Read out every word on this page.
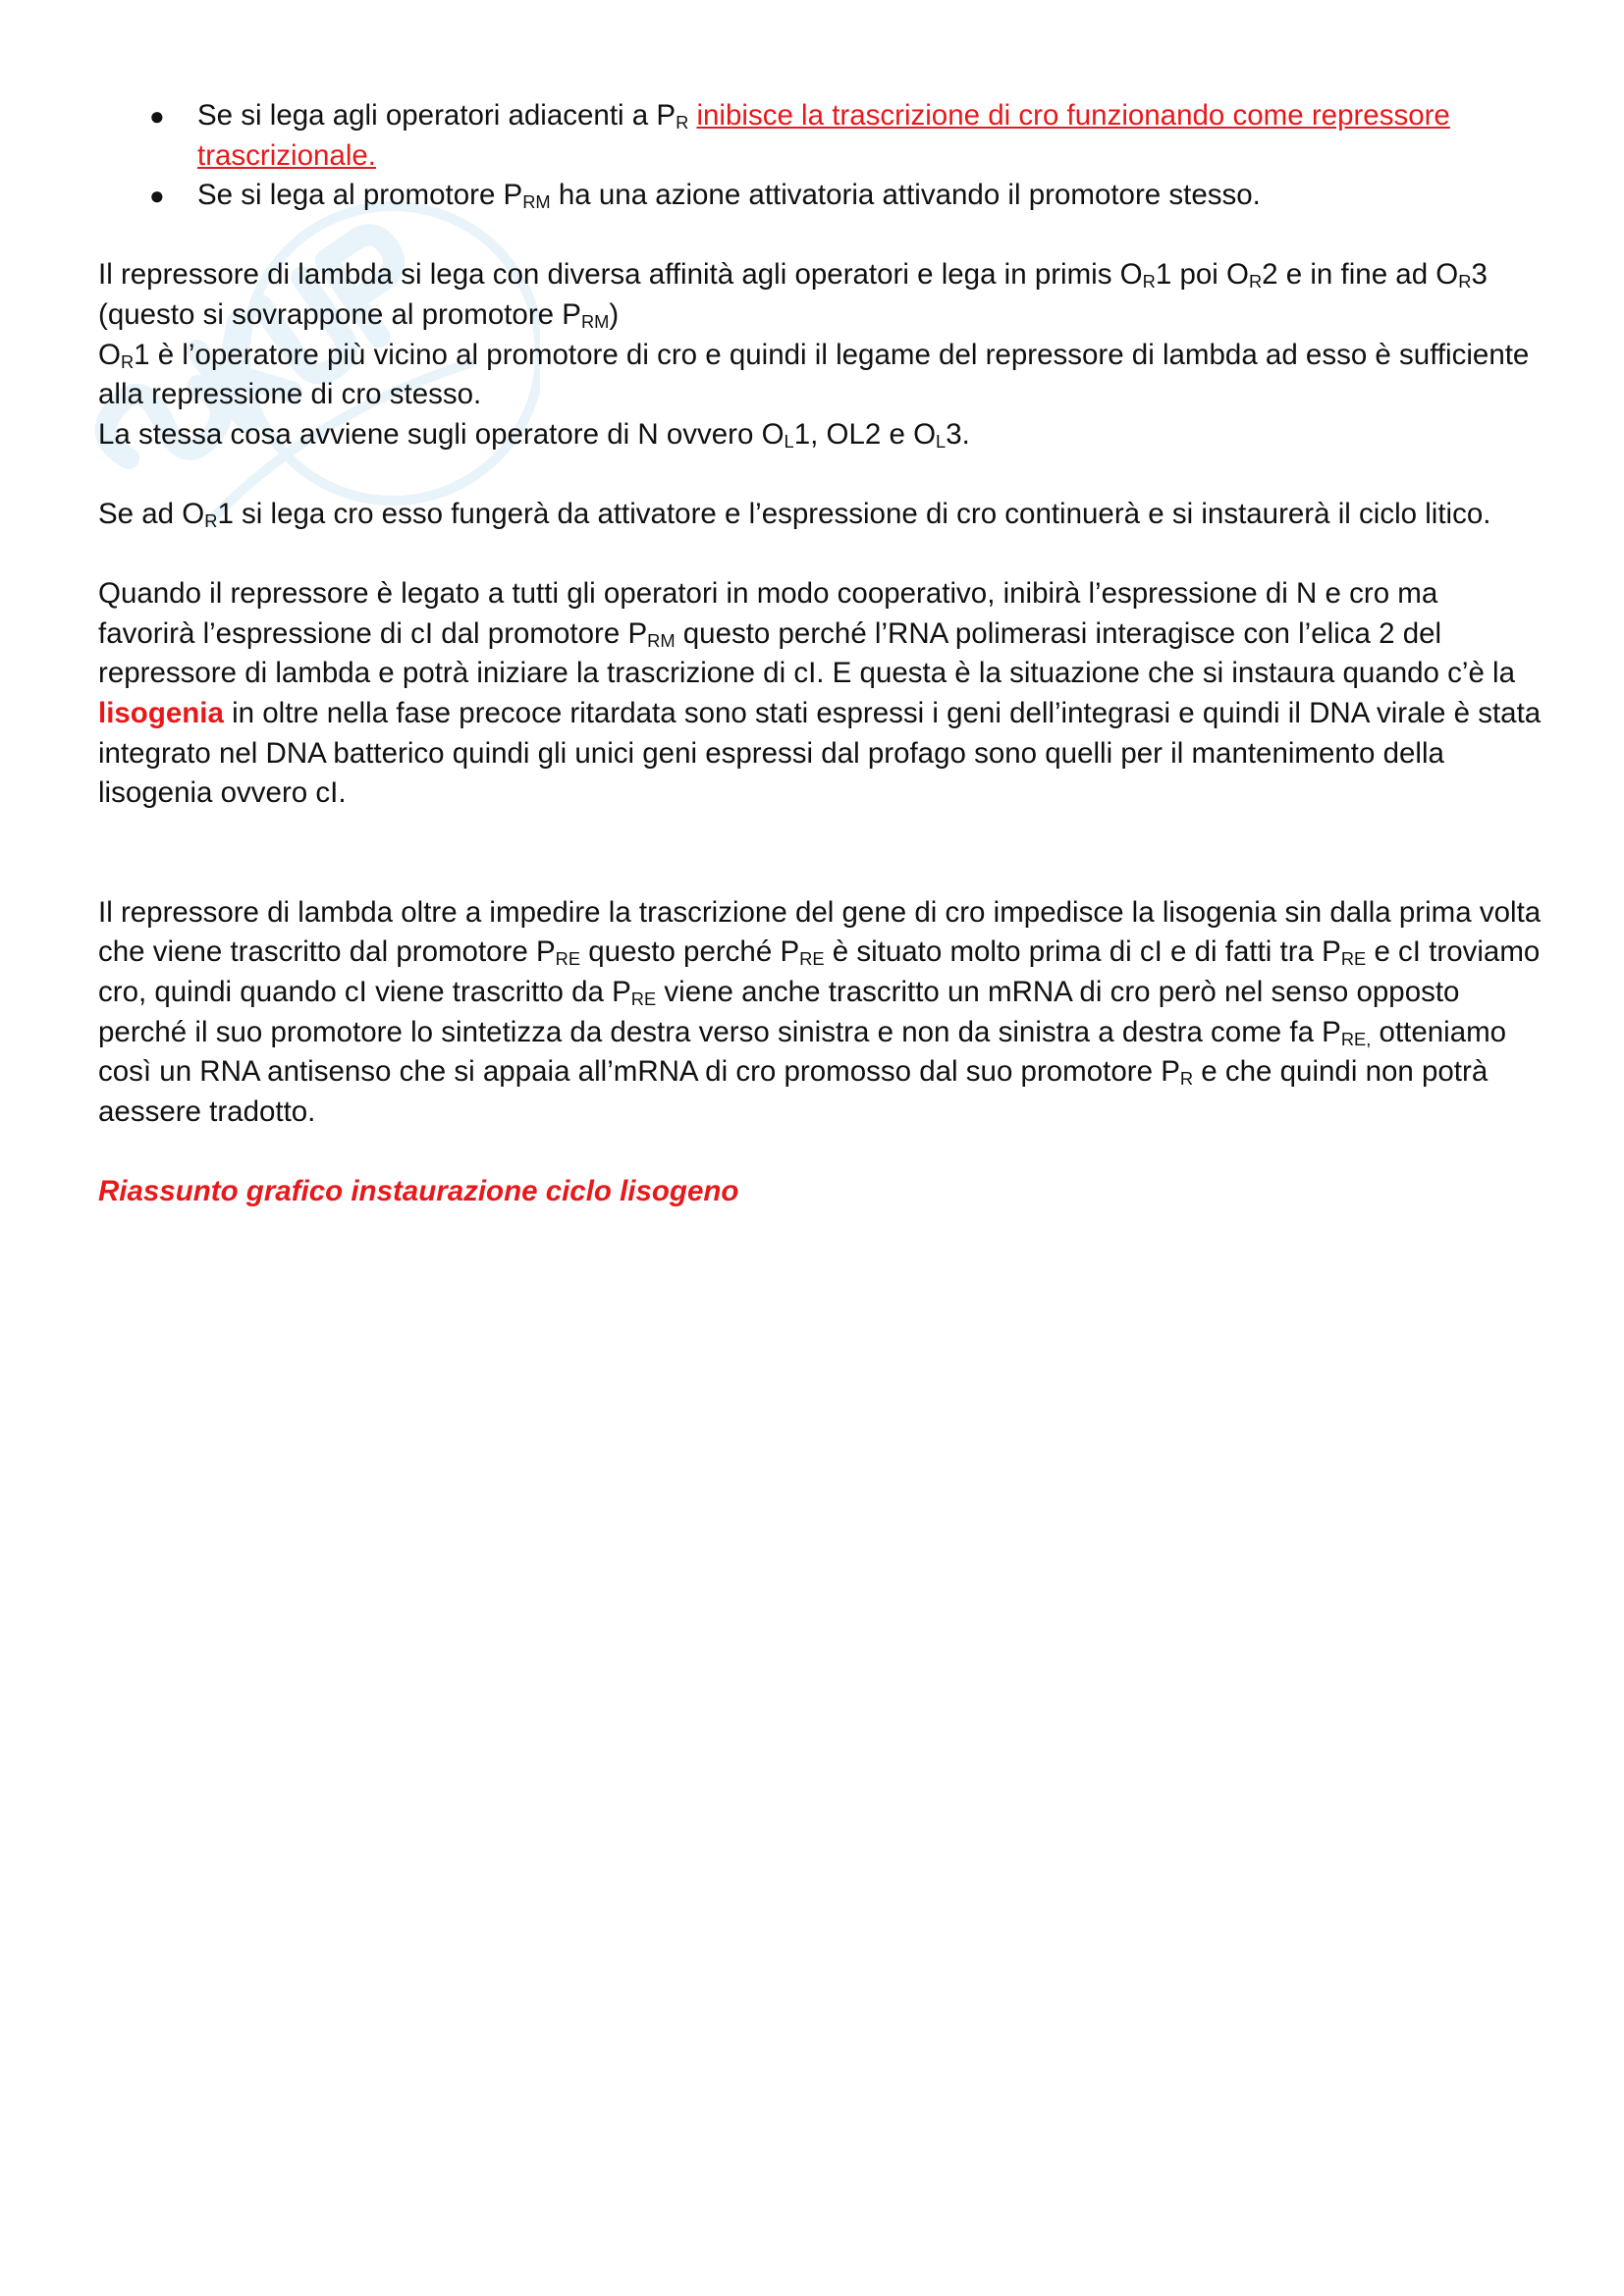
● Se si lega agli operatori adiacenti a $P_R$ inibisce la trascrizione di cro funzionando come repressore trascrizionale.
● Se si lega al promotore $P_{RM}$ ha una azione attivatoria attivando il promotore stesso.

Il repressore di lambda si lega con diversa affinità agli operatori e lega in primis $O_R1$ poi $O_R2$ e in fine ad $O_R3$ (questo si sovrappone al promotore $P_{RM}$)

$O_R1$ è l’operatore più vicino al promotore di cro e quindi il legame del repressore di lambda ad esso è sufficiente alla repressione di cro stesso.

La stessa cosa avviene sugli operatore di N ovvero $O_L1$, OL2 e $O_L3$.

Se ad $O_R1$ si lega cro esso fungerà da attivatore e l’espressione di cro continuerà e si instaurerà il ciclo litico.

Quando il repressore è legato a tutti gli operatori in modo cooperativo, inibirà l’espressione di N e cro ma favorirà l’espressione di cI dal promotore $P_{RM}$ questo perché l’RNA polimerasi interagisce con l’elica 2 del repressore di lambda e potrà iniziare la trascrizione di cI. E questa è la situazione che si instaura quando c’è la lisogenia in oltre nella fase precoce ritardata sono stati espressi i geni dell’integrasi e quindi il DNA virale è stata integrato nel DNA batterico quindi gli unici geni espressi dal profago sono quelli per il mantenimento della lisogenia ovvero cI.

Il repressore di lambda oltre a impedire la trascrizione del gene di cro impedisce la lisogenia sin dalla prima volta che viene trascritto dal promotore $P_{RE}$ questo perché $P_{RE}$ è situato molto prima di cI e di fatti tra $P_{RE}$ e cI troviamo cro, quindi quando cI viene trascritto da $P_{RE}$ viene anche trascritto un mRNA di cro però nel senso opposto perché il suo promotore lo sintetizza da destra verso sinistra e non da sinistra a destra come fa $P_{RE,}$ otteniamo così un RNA antisenso che si appaia all’mRNA di cro promosso dal suo promotore $P_R$ e che quindi non potrà aessere tradotto.

Riassunto grafico instaurazione ciclo lisogeno
